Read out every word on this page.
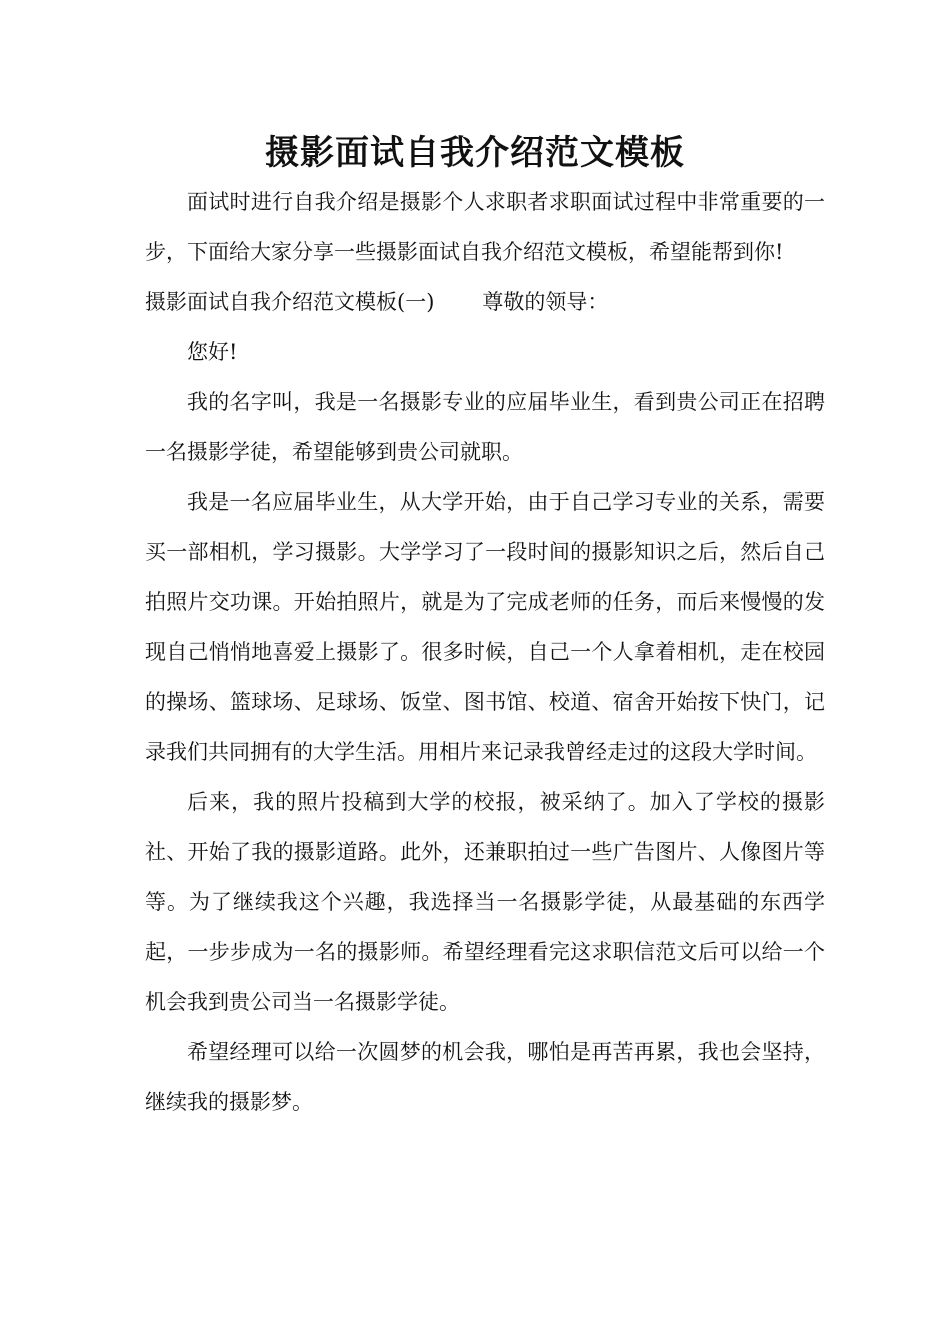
摄影面试自我介绍范文模板

面试时进行自我介绍是摄影个人求职者求职面试过程中非常重要的一步，下面给大家分享一些摄影面试自我介绍范文模板，希望能帮到你!

摄影面试自我介绍范文模板(一) 尊敬的领导：

您好!

我的名字叫，我是一名摄影专业的应届毕业生，看到贵公司正在招聘一名摄影学徒，希望能够到贵公司就职。

我是一名应届毕业生，从大学开始，由于自己学习专业的关系，需要买一部相机，学习摄影。大学学习了一段时间的摄影知识之后，然后自己拍照片交功课。开始拍照片，就是为了完成老师的任务，而后来慢慢的发现自己悄悄地喜爱上摄影了。很多时候，自己一个人拿着相机，走在校园的操场、篮球场、足球场、饭堂、图书馆、校道、宿舍开始按下快门，记录我们共同拥有的大学生活。用相片来记录我曾经走过的这段大学时间。

后来，我的照片投稿到大学的校报，被采纳了。加入了学校的摄影社、开始了我的摄影道路。此外，还兼职拍过一些广告图片、人像图片等等。为了继续我这个兴趣，我选择当一名摄影学徒，从最基础的东西学起，一步步成为一名的摄影师。希望经理看完这求职信范文后可以给一个机会我到贵公司当一名摄影学徒。

希望经理可以给一次圆梦的机会我，哪怕是再苦再累，我也会坚持，继续我的摄影梦。
